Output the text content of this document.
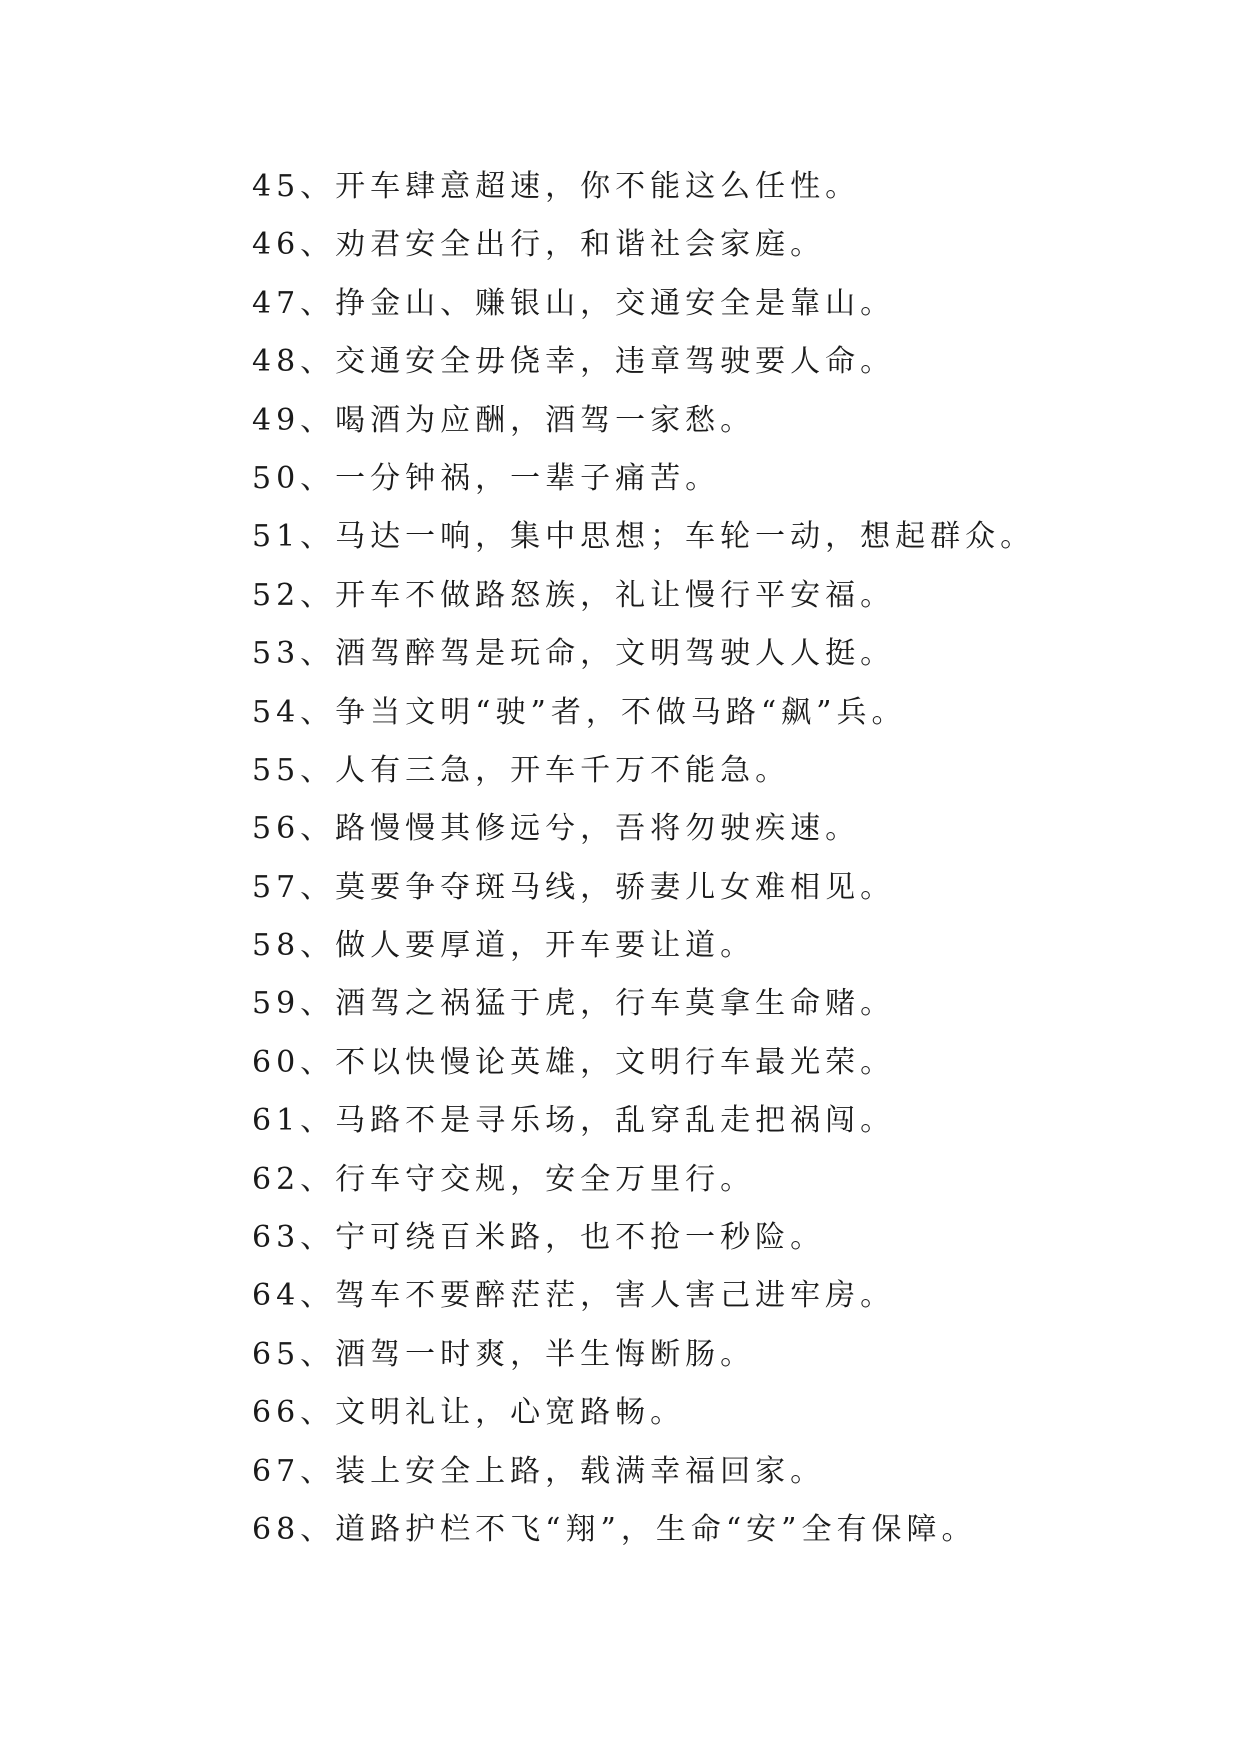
45、开车肆意超速，你不能这么任性。
46、劝君安全出行，和谐社会家庭。
47、挣金山、赚银山，交通安全是靠山。
48、交通安全毋侥幸，违章驾驶要人命。
49、喝酒为应酬，酒驾一家愁。
50、一分钟祸，一辈子痛苦。
51、马达一响，集中思想；车轮一动，想起群众。
52、开车不做路怒族，礼让慢行平安福。
53、酒驾醉驾是玩命，文明驾驶人人挺。
54、争当文明“驶”者，不做马路“飙”兵。
55、人有三急，开车千万不能急。
56、路慢慢其修远兮，吾将勿驶疾速。
57、莫要争夺斑马线，骄妻儿女难相见。
58、做人要厚道，开车要让道。
59、酒驾之祸猛于虎，行车莫拿生命赌。
60、不以快慢论英雄，文明行车最光荣。
61、马路不是寻乐场，乱穿乱走把祸闯。
62、行车守交规，安全万里行。
63、宁可绕百米路，也不抢一秒险。
64、驾车不要醉茫茫，害人害己进牢房。
65、酒驾一时爽，半生悔断肠。
66、文明礼让，心宽路畅。
67、装上安全上路，载满幸福回家。
68、道路护栏不飞“翔”，生命“安”全有保障。
